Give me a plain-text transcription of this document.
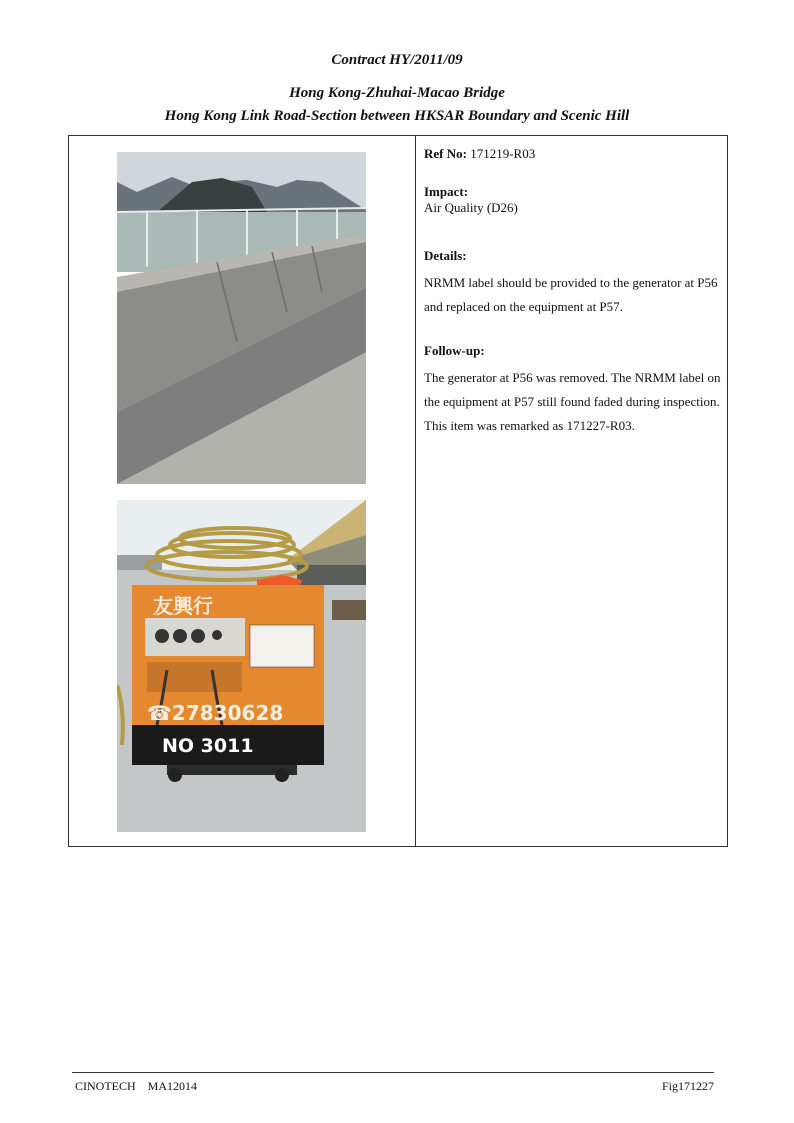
Contract HY/2011/09
Hong Kong-Zhuhai-Macao Bridge
Hong Kong Link Road-Section between HKSAR Boundary and Scenic Hill
友興行
☎27830628
NO 3011
Ref No: 171219-R03
Impact:
Air Quality (D26)
Details:
NRMM label should be provided to the generator at P56 and replaced on the equipment at P57.
Follow-up:
The generator at P56 was removed. The NRMM label on the equipment at P57 still found faded during inspection. This item was remarked as 171227-R03.
CINOTECH    MA12014	Fig171227
